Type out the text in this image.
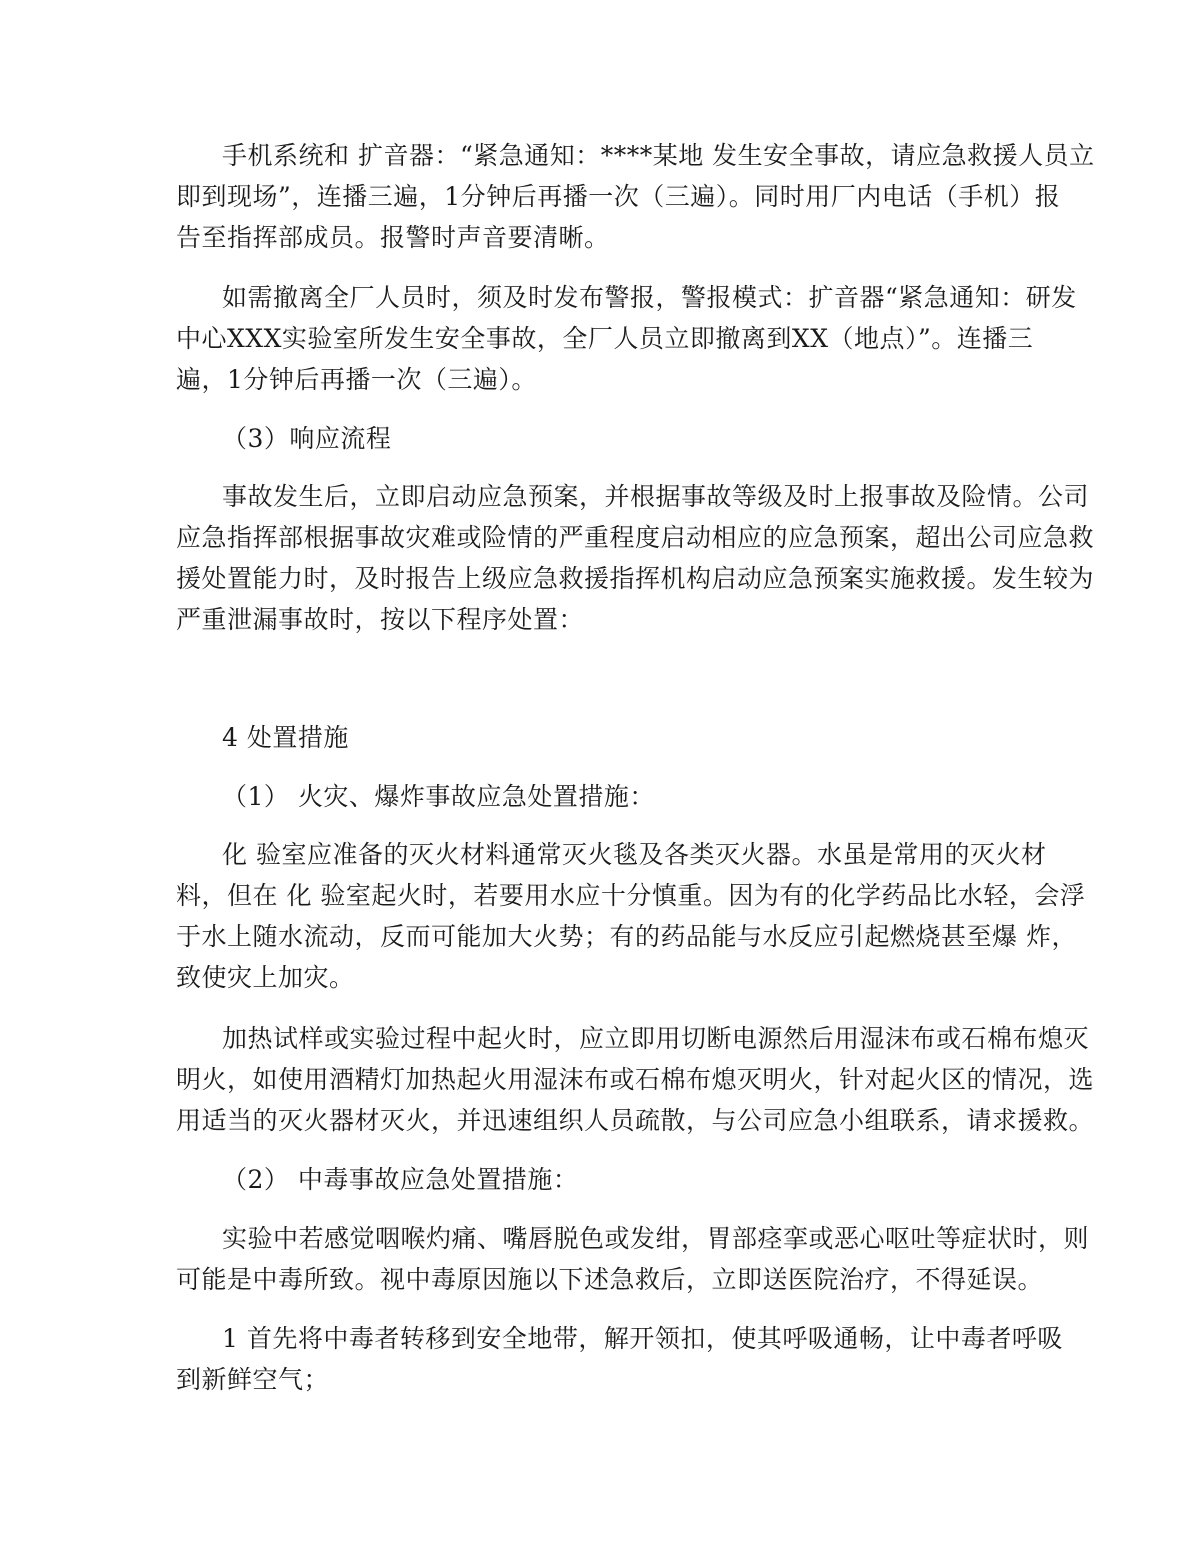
手机系统和 扩音器：“紧急通知：****某地 发生安全事故，请应急救援人员立
即到现场”，连播三遍，1分钟后再播一次（三遍）。同时用厂内电话（手机）报
告至指挥部成员。报警时声音要清晰。
如需撤离全厂人员时，须及时发布警报，警报模式：扩音器“紧急通知：研发
中心XXX实验室所发生安全事故，全厂人员立即撤离到XX（地点）”。连播三
遍，1分钟后再播一次（三遍）。
（3）响应流程
事故发生后，立即启动应急预案，并根据事故等级及时上报事故及险情。公司
应急指挥部根据事故灾难或险情的严重程度启动相应的应急预案，超出公司应急救
援处置能力时，及时报告上级应急救援指挥机构启动应急预案实施救援。发生较为
严重泄漏事故时，按以下程序处置：
4 处置措施
（1） 火灾、爆炸事故应急处置措施：
化 验室应准备的灭火材料通常灭火毯及各类灭火器。水虽是常用的灭火材
料，但在 化 验室起火时，若要用水应十分慎重。因为有的化学药品比水轻，会浮
于水上随水流动，反而可能加大火势；有的药品能与水反应引起燃烧甚至爆 炸，
致使灾上加灾。
加热试样或实验过程中起火时，应立即用切断电源然后用湿沫布或石棉布熄灭
明火，如使用酒精灯加热起火用湿沫布或石棉布熄灭明火，针对起火区的情况，选
用适当的灭火器材灭火，并迅速组织人员疏散，与公司应急小组联系，请求援救。
（2） 中毒事故应急处置措施：
实验中若感觉咽喉灼痛、嘴唇脱色或发绀，胃部痉挛或恶心呕吐等症状时，则
可能是中毒所致。视中毒原因施以下述急救后，立即送医院治疗，不得延误。
1 首先将中毒者转移到安全地带，解开领扣，使其呼吸通畅，让中毒者呼吸
到新鲜空气；
